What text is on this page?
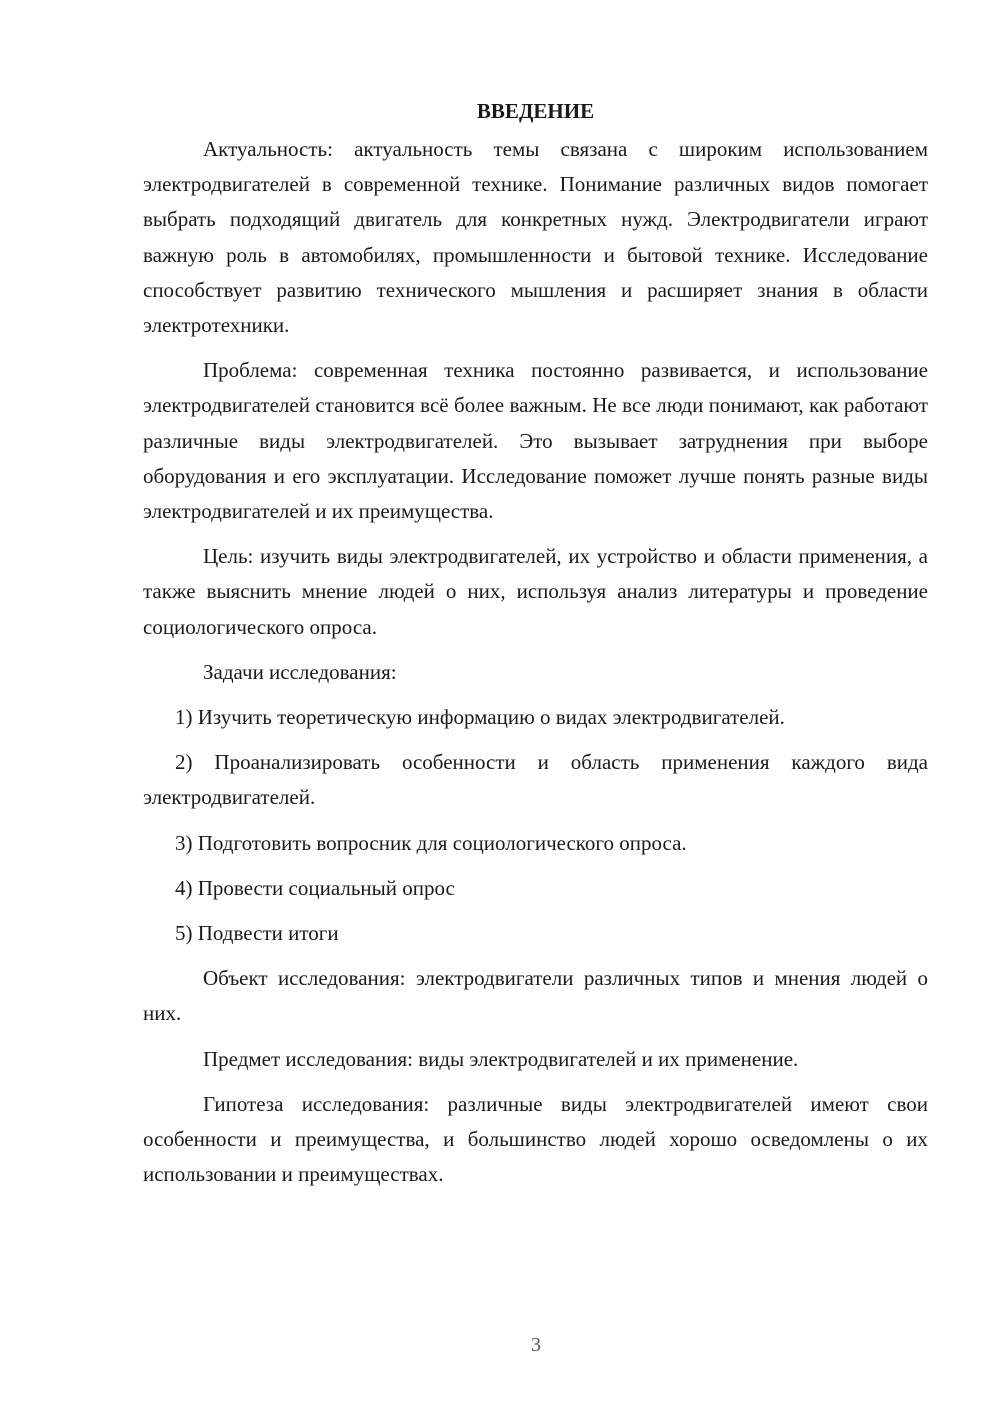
ВВЕДЕНИЕ

Актуальность: актуальность темы связана с широким использованием электродвигателей в современной технике. Понимание различных видов помогает выбрать подходящий двигатель для конкретных нужд. Электродвигатели играют важную роль в автомобилях, промышленности и бытовой технике. Исследование способствует развитию технического мышления и расширяет знания в области электротехники.

Проблема: современная техника постоянно развивается, и использование электродвигателей становится всё более важным. Не все люди понимают, как работают различные виды электродвигателей. Это вызывает затруднения при выборе оборудования и его эксплуатации. Исследование поможет лучше понять разные виды электродвигателей и их преимущества.

Цель: изучить виды электродвигателей, их устройство и области применения, а также выяснить мнение людей о них, используя анализ литературы и проведение социологического опроса.

Задачи исследования:

1) Изучить теоретическую информацию о видах электродвигателей.

2) Проанализировать особенности и область применения каждого вида электродвигателей.

3) Подготовить вопросник для социологического опроса.

4) Провести социальный опрос

5) Подвести итоги

Объект исследования: электродвигатели различных типов и мнения людей о них.

Предмет исследования: виды электродвигателей и их применение.

Гипотеза исследования: различные виды электродвигателей имеют свои особенности и преимущества, и большинство людей хорошо осведомлены о их использовании и преимуществах.

3
